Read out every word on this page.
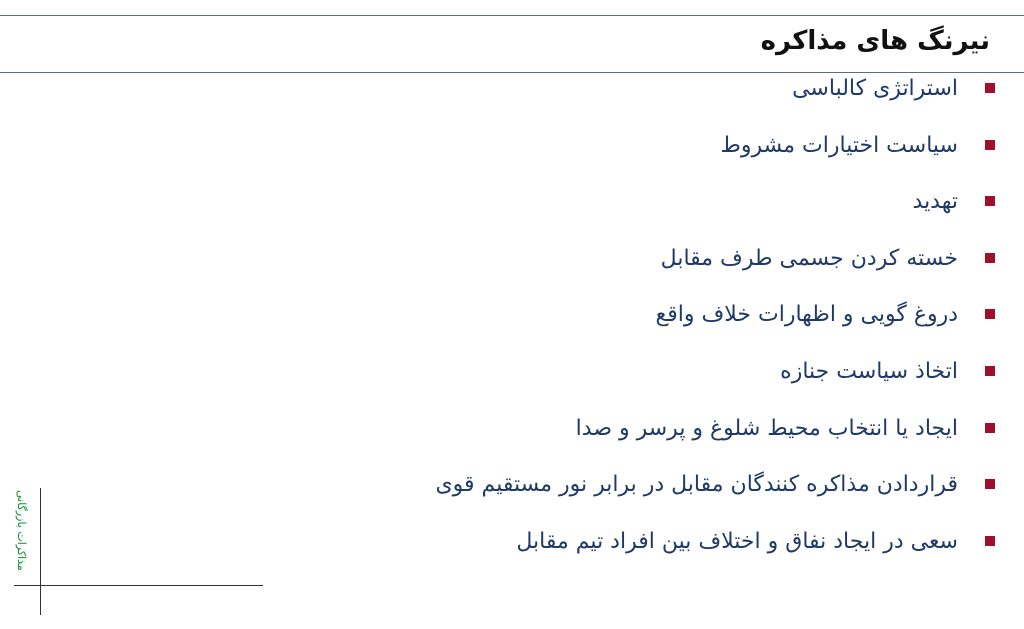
نیرنگ های مذاکره
استراتژی کالباسی
سیاست اختیارات مشروط
تهدید
خسته کردن جسمی طرف مقابل
دروغ گویی و اظهارات خلاف واقع
اتخاذ سیاست جنازه
ایجاد یا انتخاب محیط شلوغ و پرسر و صدا
قراردادن مذاکره کنندگان مقابل در برابر نور مستقیم قوی
سعی در ایجاد نفاق و اختلاف بین افراد تیم مقابل
مذاکرات بازرگانی
